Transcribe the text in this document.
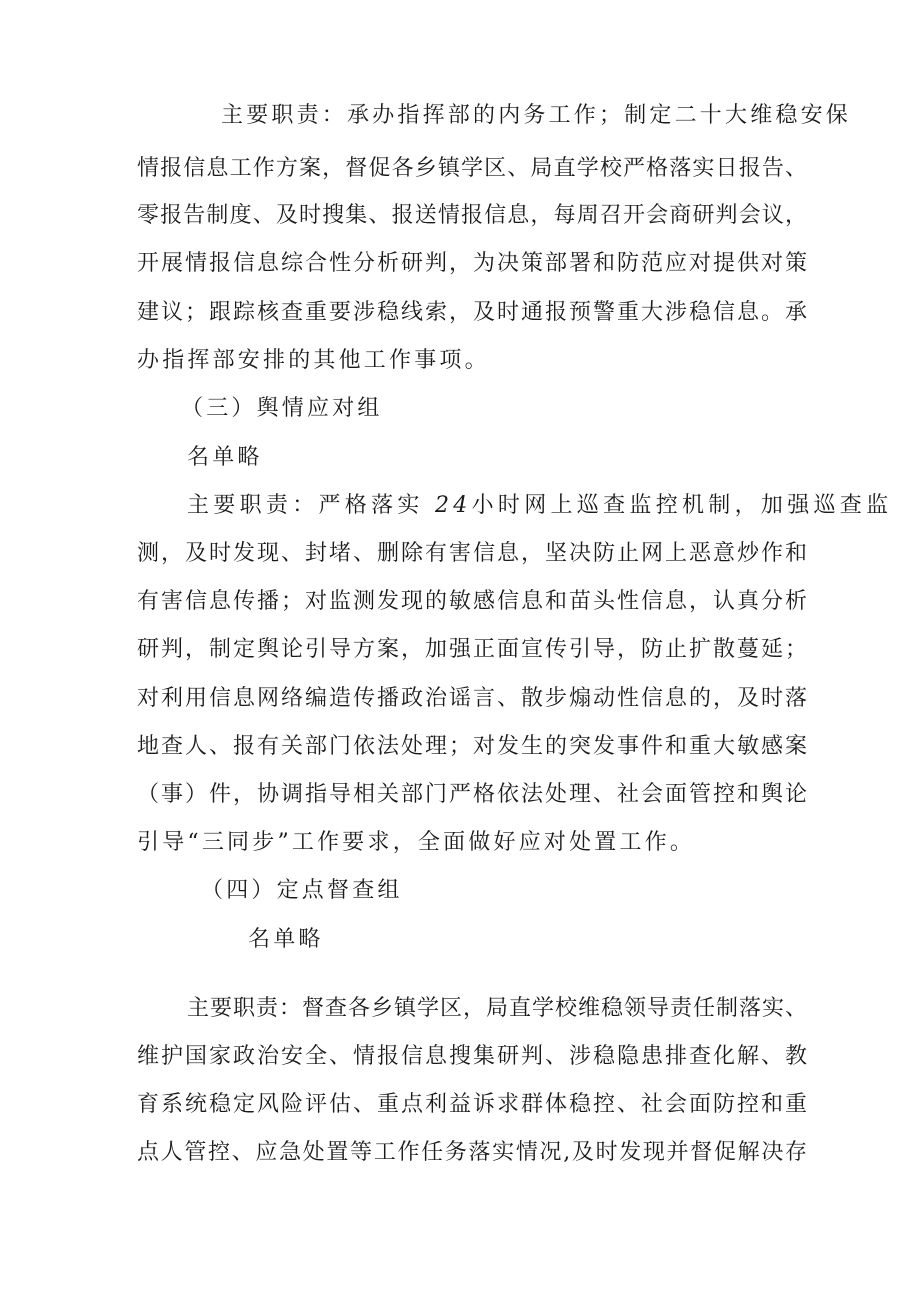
主要职责：承办指挥部的内务工作；制定二十大维稳安保
情报信息工作方案，督促各乡镇学区、局直学校严格落实日报告、
零报告制度、及时搜集、报送情报信息，每周召开会商研判会议，
开展情报信息综合性分析研判，为决策部署和防范应对提供对策
建议；跟踪核查重要涉稳线索，及时通报预警重大涉稳信息。承
办指挥部安排的其他工作事项。
（三）舆情应对组
名单略
主要职责：严格落实 24小时网上巡查监控机制，加强巡查监
测，及时发现、封堵、删除有害信息，坚决防止网上恶意炒作和
有害信息传播；对监测发现的敏感信息和苗头性信息，认真分析
研判，制定舆论引导方案，加强正面宣传引导，防止扩散蔓延；
对利用信息网络编造传播政治谣言、散步煽动性信息的，及时落
地查人、报有关部门依法处理；对发生的突发事件和重大敏感案
（事）件，协调指导相关部门严格依法处理、社会面管控和舆论
引导“三同步”工作要求，全面做好应对处置工作。
（四）定点督查组
名单略
主要职责：督查各乡镇学区，局直学校维稳领导责任制落实、
维护国家政治安全、情报信息搜集研判、涉稳隐患排查化解、教
育系统稳定风险评估、重点利益诉求群体稳控、社会面防控和重
点人管控、应急处置等工作任务落实情况,及时发现并督促解决存
